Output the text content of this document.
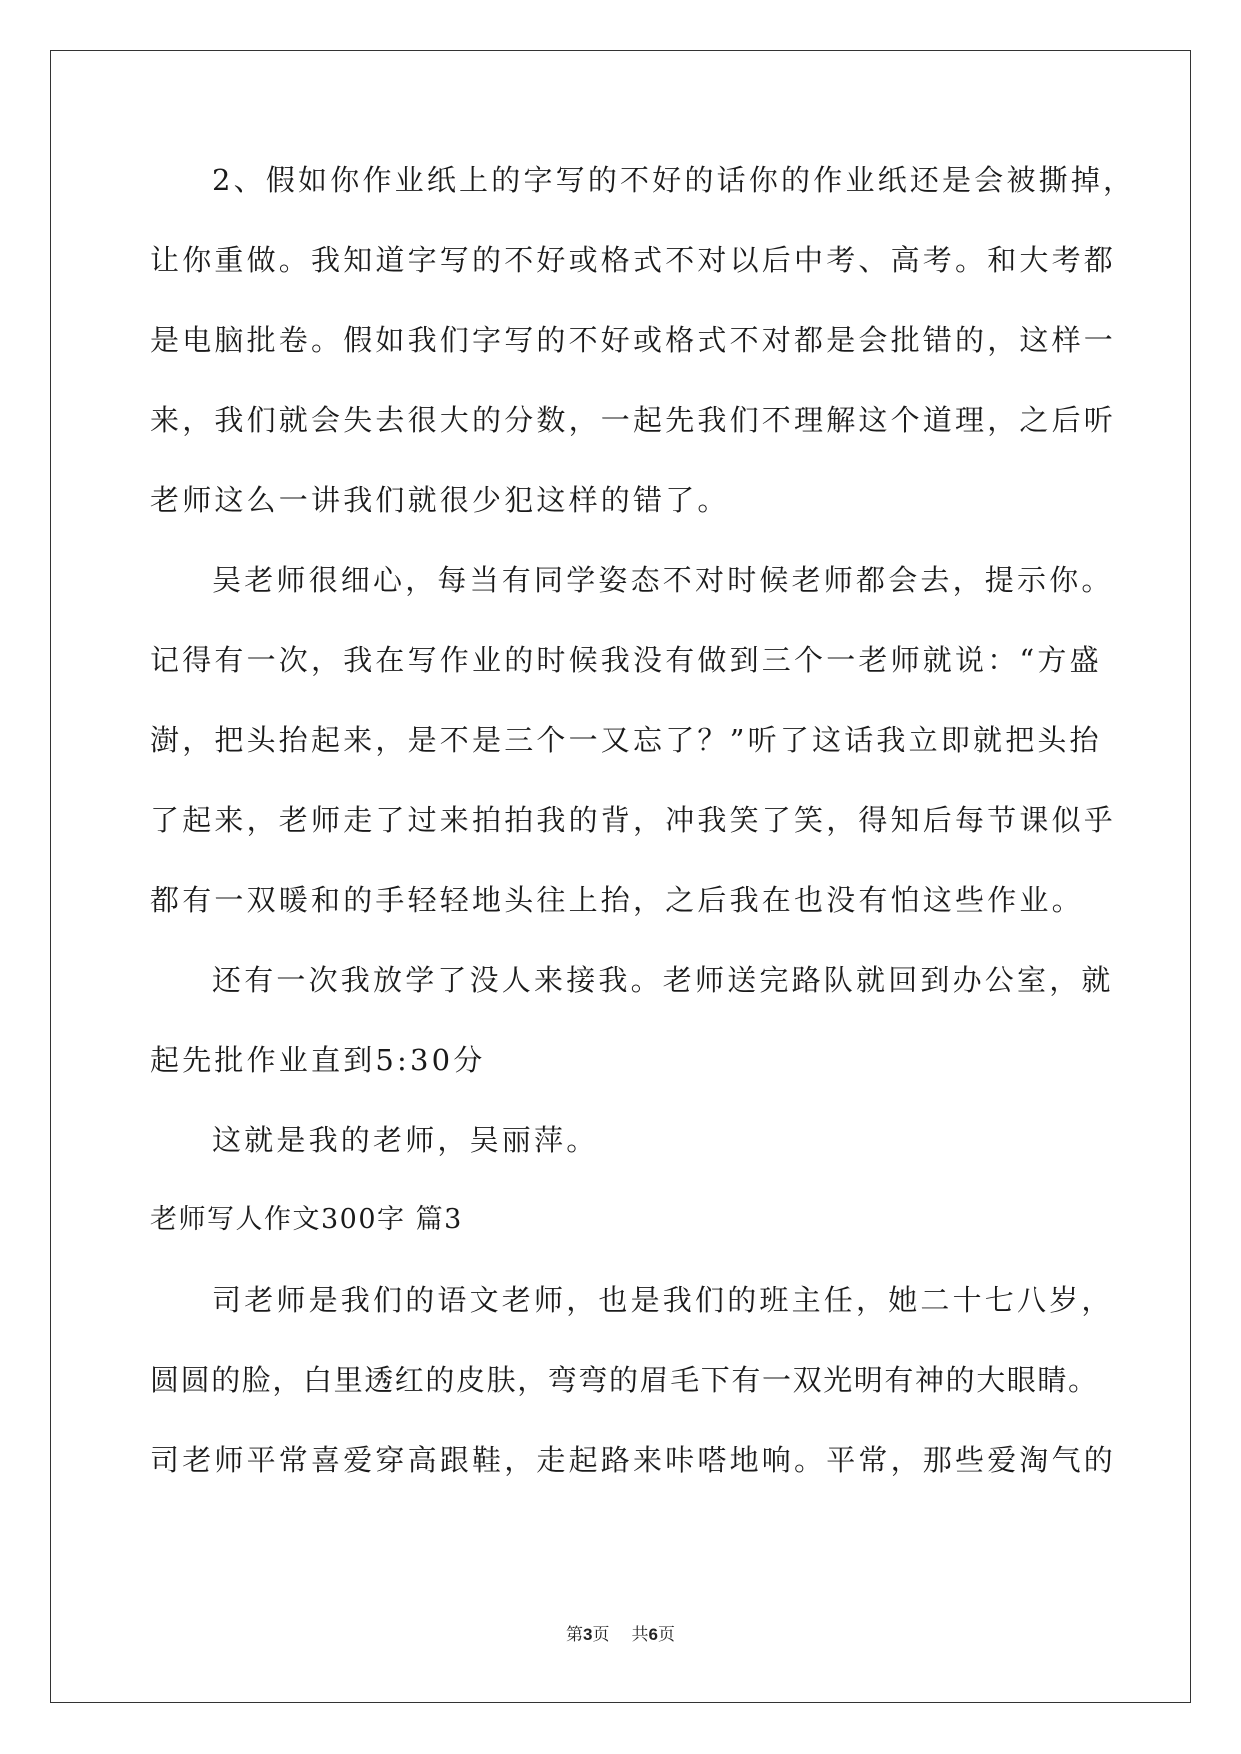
2、假如你作业纸上的字写的不好的话你的作业纸还是会被撕掉，
让你重做。我知道字写的不好或格式不对以后中考、高考。和大考都
是电脑批卷。假如我们字写的不好或格式不对都是会批错的，这样一
来，我们就会失去很大的分数，一起先我们不理解这个道理，之后听
老师这么一讲我们就很少犯这样的错了。
吴老师很细心，每当有同学姿态不对时候老师都会去，提示你。
记得有一次，我在写作业的时候我没有做到三个一老师就说：“方盛
澍，把头抬起来，是不是三个一又忘了？”听了这话我立即就把头抬
了起来，老师走了过来拍拍我的背，冲我笑了笑，得知后每节课似乎
都有一双暖和的手轻轻地头往上抬，之后我在也没有怕这些作业。
还有一次我放学了没人来接我。老师送完路队就回到办公室，就
起先批作业直到5:30分
这就是我的老师，吴丽萍。
老师写人作文300字 篇3
司老师是我们的语文老师，也是我们的班主任，她二十七八岁，
圆圆的脸，白里透红的皮肤，弯弯的眉毛下有一双光明有神的大眼睛。
司老师平常喜爱穿高跟鞋，走起路来咔嗒地响。平常，那些爱淘气的
第3页 共6页
